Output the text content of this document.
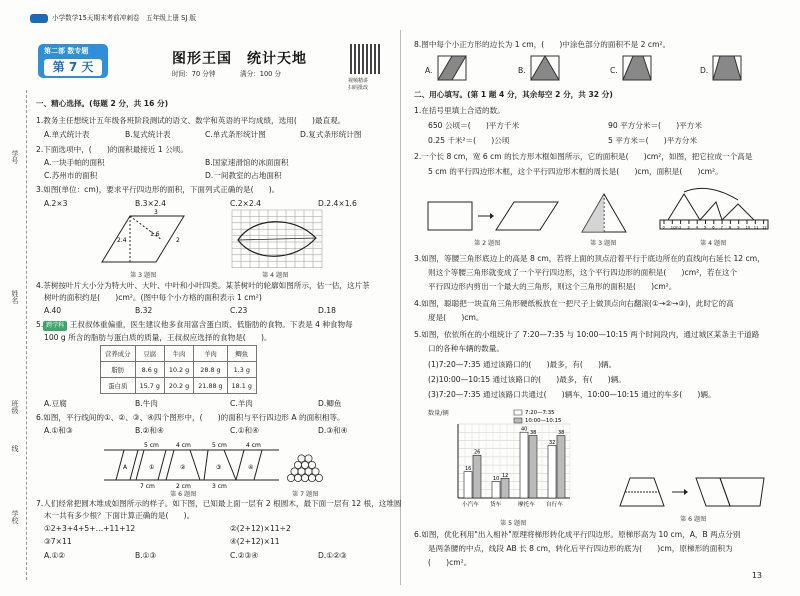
小学数学15天期末考前冲刺卷　五年级上册 SJ 版
第二部 数专题
第 7 天	图形王国　统计天地
时间：70 分钟	满分：100 分
视频精讲
扫码批改
学号
姓名
班级
线
学校
一、精心选择。(每题 2 分，共 16 分)
1.教务主任想统计五年级各班阶段测试的语文、数学和英语的平均成绩，选用(　　)最直观。
A.单式统计表	B.复式统计表	C.单式条形统计图	D.复式条形统计图
2.下面选项中，(　　)的面积最接近 1 公顷。
A.一块手帕的面积	B.国家速滑馆的冰面面积
C.苏州市的面积	D.一间教室的占地面积
3.如图(单位：cm)，要求平行四边形的面积，下面列式正确的是(　　)。
A.2×3	B.3×2.4	C.2×2.4	D.2.4×1.6
3
1.6
2.4	2
第 3 题图	第 4 题图
4.茶树按叶片大小分为特大叶、大叶、中叶和小叶四类。某茶树叶的轮廓如图所示，估一估，这片茶
树叶的面积约是(　　)cm²。(图中每个小方格的面积表示 1 cm²)
A.40	B.32	C.23	D.18
5. 跨学科 王叔叔体重偏重，医生建议他多食用富含蛋白质、低脂肪的食物。下表是 4 种食物每
100 g 所含的脂肪与蛋白质的质量，王叔叔应选择的食物是(　　)。
营养成分	豆腐	牛肉	羊肉	鲫鱼
脂肪	8.6 g	10.2 g	28.8 g	1.3 g
蛋白质	15.7 g	20.2 g	21.88 g	18.1 g
A.豆腐	B.牛肉	C.羊肉	D.鲫鱼
6.如图，平行线间的①、②、③、④四个图形中，(　　)的面积与平行四边形 A 的面积相等。
A.①和③	B.②和④	C.①和④	D.③和④
5 cm	4 cm	5 cm	4 cm
A	①	②	③	④
7 cm	2 cm	3 cm
第 6 题图	第 7 题图
7.人们经常把圆木堆成如图所示的样子。如下图，已知最上面一层有 2 根圆木，最下面一层有 12 根，这堆圆
木一共有多少根？下面计算正确的是(　　)。
①2+3+4+5+…+11+12	②(2+12)×11÷2
③7×11	④(2+12)×11
A.①②	B.①③	C.②③④	D.①②③
8.图中每个小正方形的边长为 1 cm，(　　)中涂色部分的面积不是 2 cm²。
A.	B.	C.	D.
二、用心填写。(第 1 题 4 分，其余每空 2 分，共 32 分)
1.在括号里填上合适的数。
650 公顷＝(　　)平方千米	90 平方分米＝(　　)平方米
0.25 千米²＝(　　)公顷	5 平方米＝(　　)平方分米
2.一个长 8 cm，宽 6 cm 的长方形木框如图所示，它的面积是(　　)cm²，如图，把它拉成一个高是
5 cm 的平行四边形木框，这个平行四边形木框的周长是(　　)cm，面积是(　　)cm²。
第 2 题图	第 3 题图
0 1cm 2 3 4 5 6 7 8 9 10 11 12
第 4 题图
3.如图，等腰三角形底边上的高是 8 cm，若将上面的顶点沿着平行于底边所在的直线向右延长 12 cm，
则这个等腰三角形就变成了一个平行四边形，这个平行四边形的面积是(　　)cm²，若在这个
平行四边形内剪出一个最大的三角形，则这个三角形的面积是(　　)cm²。
4.如图，聪聪把一块直角三角形硬纸板放在一把尺子上做顶点向右翻滚(①→②→③)，此时它的高
度是(　　)cm。
5.如图，依依所在的小组统计了 7:20—7:35 与 10:00—10:15 两个时间段内，通过城区某条主干道路
口的各种车辆的数量。
(1)7:20—7:35 通过该路口的(　　)最多，有(　　)辆。
(2)10:00—10:15 通过该路口的(　　)最多，有(　　)辆。
(3)7:20—7:35 通过该路口共通过(　　)辆车，10:00—10:15 通过的车多(　　)辆。
数量/辆
16
26
小汽车
10
12
货车
40
38
摩托车
32
38
自行车
7:20—7:35
10:00—10:15
第 5 题图
第 6 题图
6.如图，优化利用"出入相补"原理将梯形转化成平行四边形。原梯形高为 10 cm，A，B 两点分别
是两条腰的中点，线段 AB 长 8 cm，转化后平行四边形的底为(　　)cm，原梯形的面积为
(　　)cm²。
13
